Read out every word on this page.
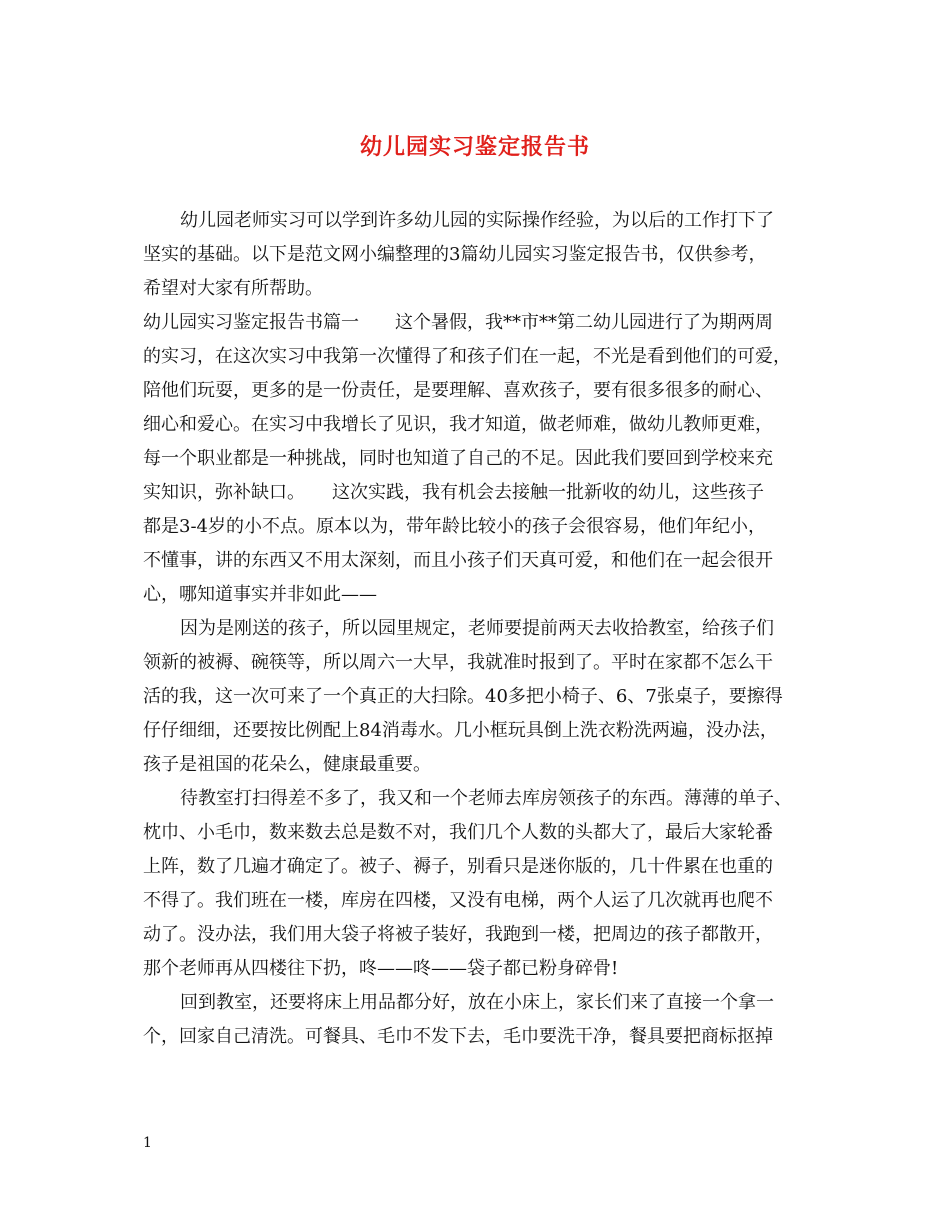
幼儿园实习鉴定报告书
幼儿园老师实习可以学到许多幼儿园的实际操作经验，为以后的工作打下了
坚实的基础。以下是范文网小编整理的3篇幼儿园实习鉴定报告书，仅供参考，
希望对大家有所帮助。
幼儿园实习鉴定报告书篇一　　这个暑假，我**市**第二幼儿园进行了为期两周
的实习，在这次实习中我第一次懂得了和孩子们在一起，不光是看到他们的可爱，
陪他们玩耍，更多的是一份责任，是要理解、喜欢孩子，要有很多很多的耐心、
细心和爱心。在实习中我增长了见识，我才知道，做老师难，做幼儿教师更难，
每一个职业都是一种挑战，同时也知道了自己的不足。因此我们要回到学校来充
实知识，弥补缺口。　　这次实践，我有机会去接触一批新收的幼儿，这些孩子
都是3-4岁的小不点。原本以为，带年龄比较小的孩子会很容易，他们年纪小，
不懂事，讲的东西又不用太深刻，而且小孩子们天真可爱，和他们在一起会很开
心，哪知道事实并非如此——
因为是刚送的孩子，所以园里规定，老师要提前两天去收拾教室，给孩子们
领新的被褥、碗筷等，所以周六一大早，我就准时报到了。平时在家都不怎么干
活的我，这一次可来了一个真正的大扫除。40多把小椅子、6、7张桌子，要擦得
仔仔细细，还要按比例配上84消毒水。几小框玩具倒上洗衣粉洗两遍，没办法，
孩子是祖国的花朵么，健康最重要。
待教室打扫得差不多了，我又和一个老师去库房领孩子的东西。薄薄的单子、
枕巾、小毛巾，数来数去总是数不对，我们几个人数的头都大了，最后大家轮番
上阵，数了几遍才确定了。被子、褥子，别看只是迷你版的，几十件累在也重的
不得了。我们班在一楼，库房在四楼，又没有电梯，两个人运了几次就再也爬不
动了。没办法，我们用大袋子将被子装好，我跑到一楼，把周边的孩子都散开，
那个老师再从四楼往下扔，咚——咚——袋子都已粉身碎骨!
回到教室，还要将床上用品都分好，放在小床上，家长们来了直接一个拿一
个，回家自己清洗。可餐具、毛巾不发下去，毛巾要洗干净，餐具要把商标抠掉
1
